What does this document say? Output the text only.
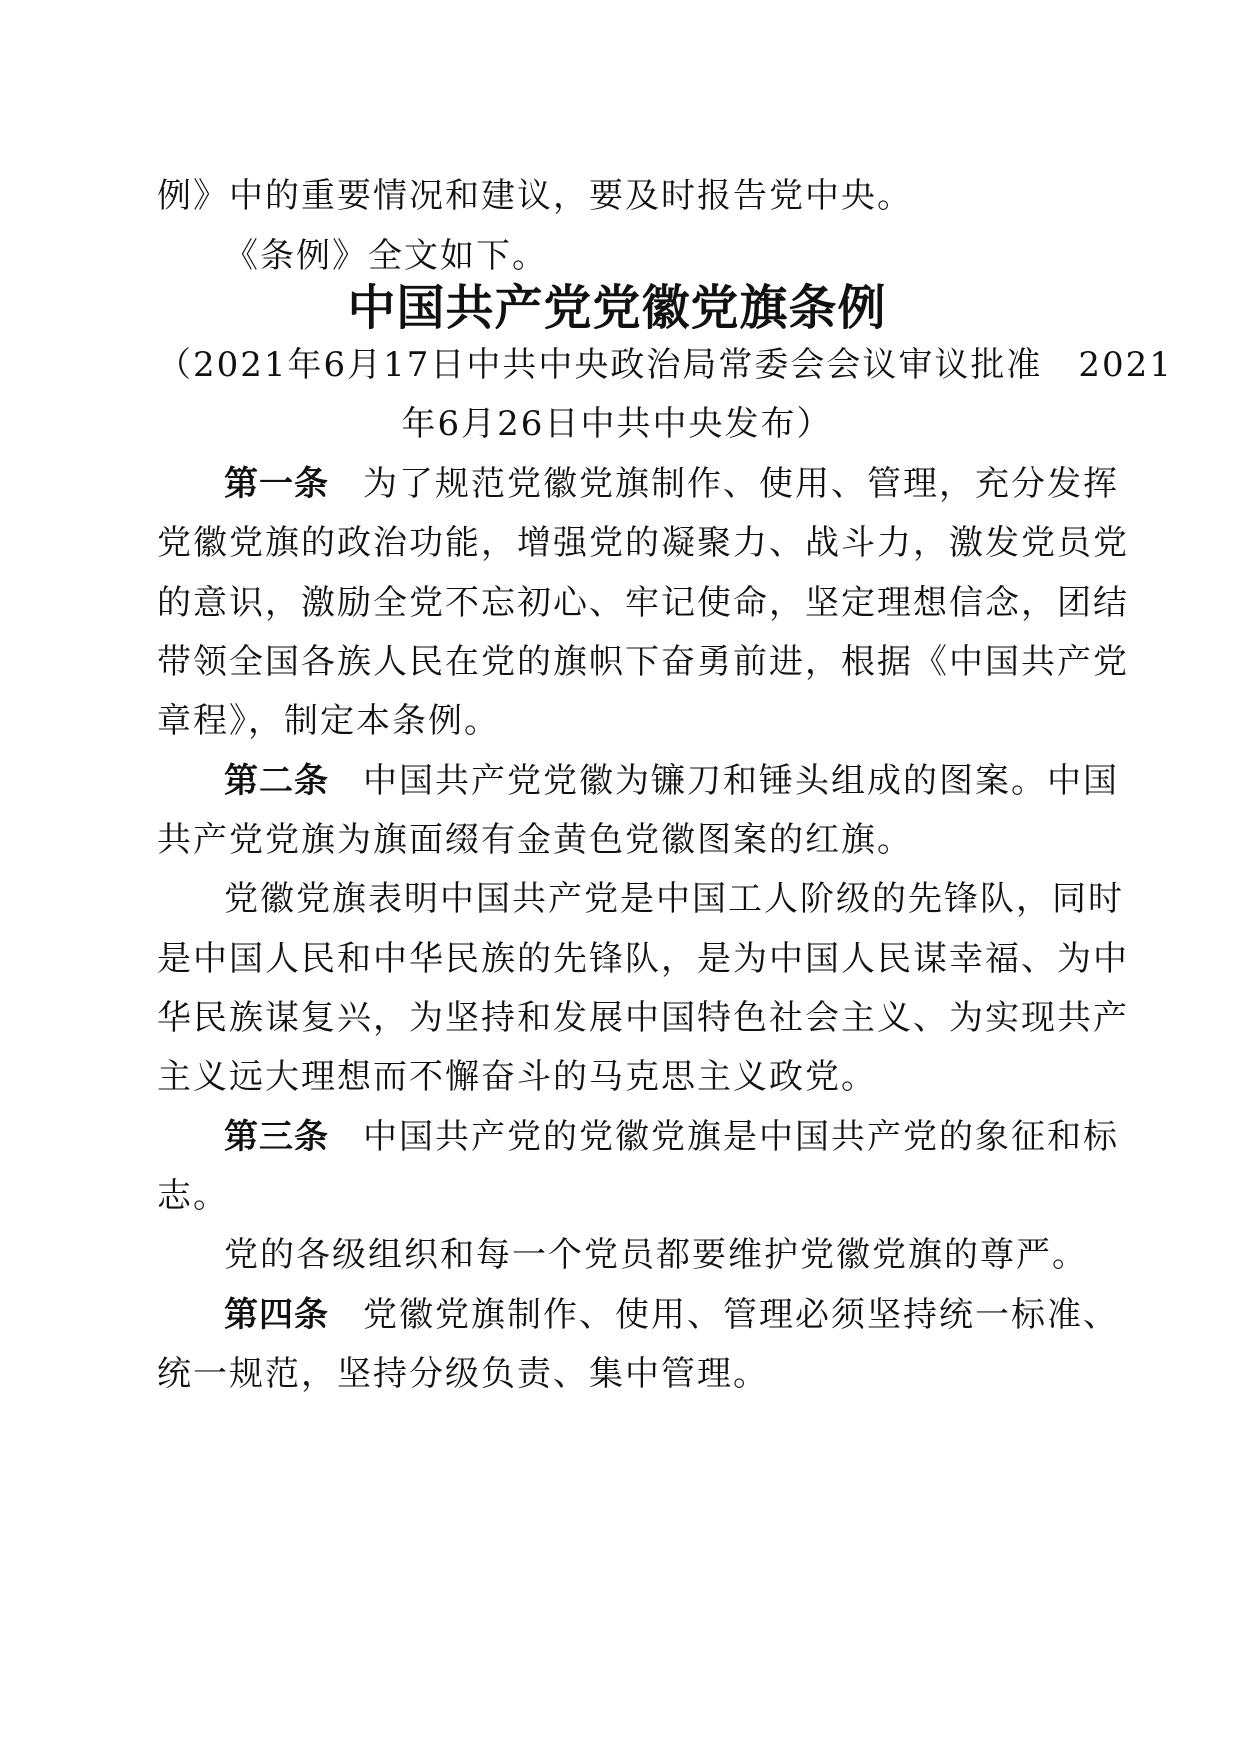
例》中的重要情况和建议，要及时报告党中央。
《条例》全文如下。
中国共产党党徽党旗条例
（2021年6月17日中共中央政治局常委会会议审议批准　2021
年6月26日中共中央发布）
第一条 为了规范党徽党旗制作、使用、管理，充分发挥
党徽党旗的政治功能，增强党的凝聚力、战斗力，激发党员党
的意识，激励全党不忘初心、牢记使命，坚定理想信念，团结
带领全国各族人民在党的旗帜下奋勇前进，根据《中国共产党
章程》，制定本条例。
第二条 中国共产党党徽为镰刀和锤头组成的图案。中国
共产党党旗为旗面缀有金黄色党徽图案的红旗。
党徽党旗表明中国共产党是中国工人阶级的先锋队，同时
是中国人民和中华民族的先锋队，是为中国人民谋幸福、为中
华民族谋复兴，为坚持和发展中国特色社会主义、为实现共产
主义远大理想而不懈奋斗的马克思主义政党。
第三条 中国共产党的党徽党旗是中国共产党的象征和标
志。
党的各级组织和每一个党员都要维护党徽党旗的尊严。
第四条 党徽党旗制作、使用、管理必须坚持统一标准、
统一规范，坚持分级负责、集中管理。
